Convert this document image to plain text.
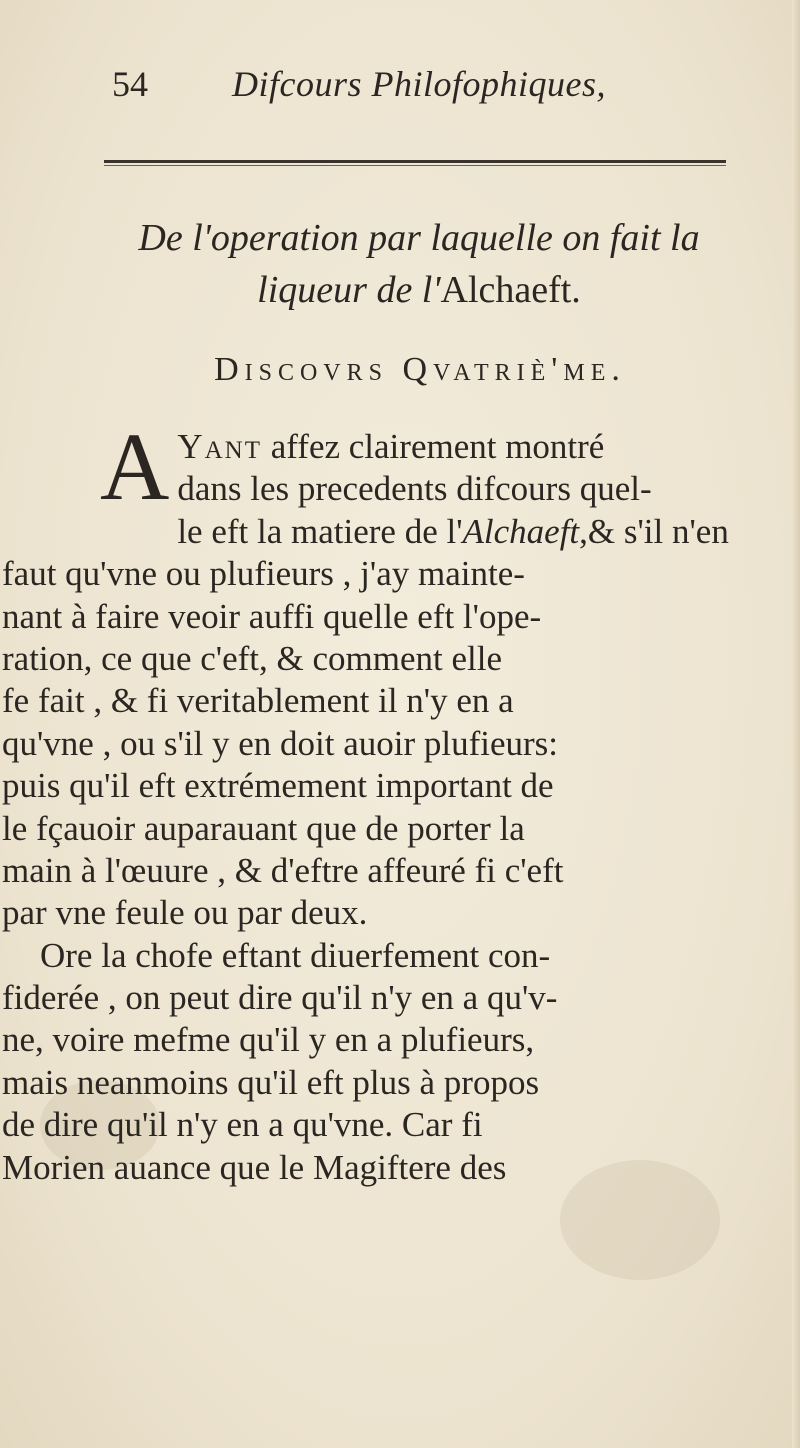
54 Difcours Philofophiques,
De l'operation par laquelle on fait la
liqueur de l'Alchaeft.
Discovrs Qvatriè'me.
A Yant affez clairement montré
dans les precedents difcours quel-
le eft la matiere de l'Alchaeft,& s'il n'en
faut qu'vne ou plufieurs , j'ay mainte-
nant à faire veoir auffi quelle eft l'ope-
ration, ce que c'eft, & comment elle
fe fait , & fi veritablement il n'y en a
qu'vne , ou s'il y en doit auoir plufieurs:
puis qu'il eft extrémement important de
le fçauoir auparauant que de porter la
main à l'œuure , & d'eftre affeuré fi c'eft
par vne feule ou par deux.
Ore la chofe eftant diuerfement con-
fiderée , on peut dire qu'il n'y en a qu'v-
ne, voire mefme qu'il y en a plufieurs,
mais neanmoins qu'il eft plus à propos
de dire qu'il n'y en a qu'vne. Car fi
Morien auance que le Magiftere des
